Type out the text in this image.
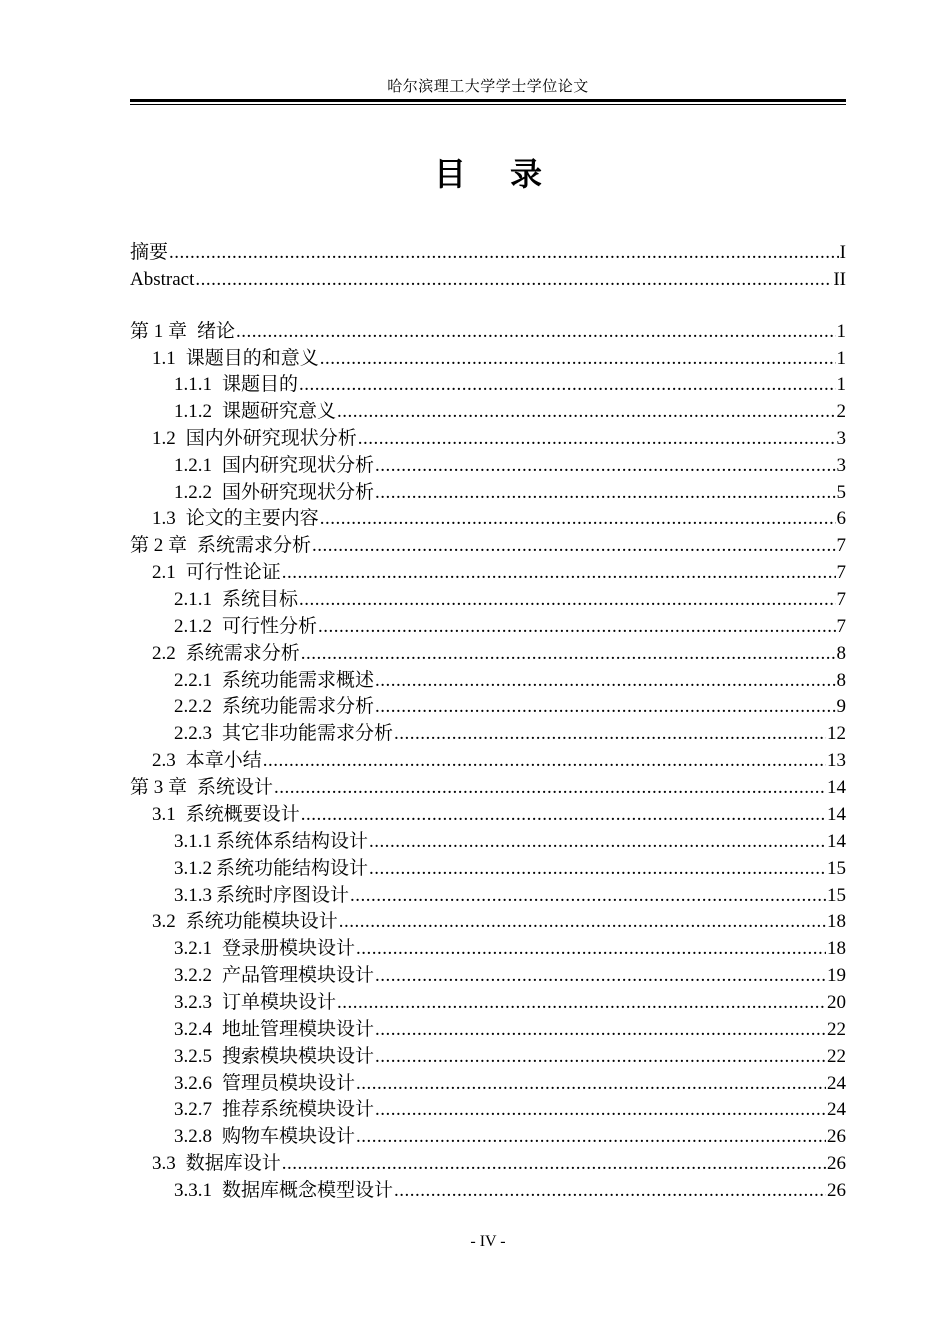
哈尔滨理工大学学士学位论文
目 录
摘要 .....	I
Abstract .....	II
第 1 章 绪论 .....	1
1.1 课题目的和意义 .....	1
1.1.1 课题目的 .....	1
1.1.2 课题研究意义 .....	2
1.2 国内外研究现状分析 .....	3
1.2.1 国内研究现状分析 .....	3
1.2.2 国外研究现状分析 .....	5
1.3 论文的主要内容 .....	6
第 2 章 系统需求分析 .....	7
2.1 可行性论证 .....	7
2.1.1 系统目标 .....	7
2.1.2 可行性分析 .....	7
2.2 系统需求分析 .....	8
2.2.1 系统功能需求概述 .....	8
2.2.2 系统功能需求分析 .....	9
2.2.3 其它非功能需求分析 .....	12
2.3 本章小结 .....	13
第 3 章 系统设计 .....	14
3.1 系统概要设计 .....	14
3.1.1 系统体系结构设计 .....	14
3.1.2 系统功能结构设计 .....	15
3.1.3 系统时序图设计 .....	15
3.2 系统功能模块设计 .....	18
3.2.1 登录册模块设计 .....	18
3.2.2 产品管理模块设计 .....	19
3.2.3 订单模块设计 .....	20
3.2.4 地址管理模块设计 .....	22
3.2.5 搜索模块模块设计 .....	22
3.2.6 管理员模块设计 .....	24
3.2.7 推荐系统模块设计 .....	24
3.2.8 购物车模块设计 .....	26
3.3 数据库设计 .....	26
3.3.1 数据库概念模型设计 .....	26
- IV -
